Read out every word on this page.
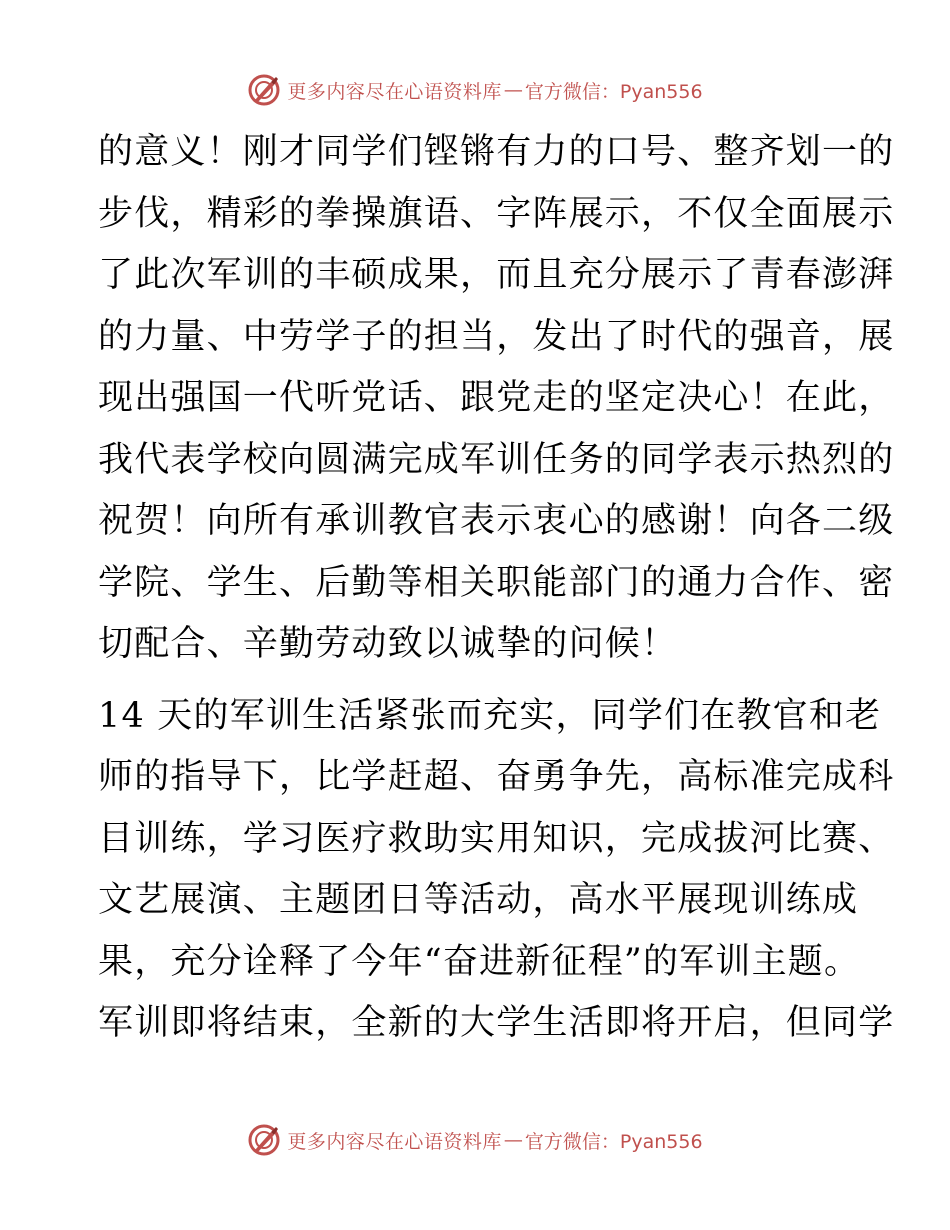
更多内容尽在心语资料库 — 官方微信：Pyan556
的意义！刚才同学们铿锵有力的口号、整齐划一的
步伐，精彩的拳操旗语、字阵展示，不仅全面展示
了此次军训的丰硕成果，而且充分展示了青春澎湃
的力量、中劳学子的担当，发出了时代的强音，展
现出强国一代听党话、跟党走的坚定决心！在此，
我代表学校向圆满完成军训任务的同学表示热烈的
祝贺！向所有承训教官表示衷心的感谢！向各二级
学院、学生、后勤等相关职能部门的通力合作、密
切配合、辛勤劳动致以诚挚的问候！
14 天的军训生活紧张而充实，同学们在教官和老
师的指导下，比学赶超、奋勇争先，高标准完成科
目训练，学习医疗救助实用知识，完成拔河比赛、
文艺展演、主题团日等活动，高水平展现训练成
果，充分诠释了今年“奋进新征程”的军训主题。
军训即将结束，全新的大学生活即将开启，但同学
更多内容尽在心语资料库 — 官方微信：Pyan556
